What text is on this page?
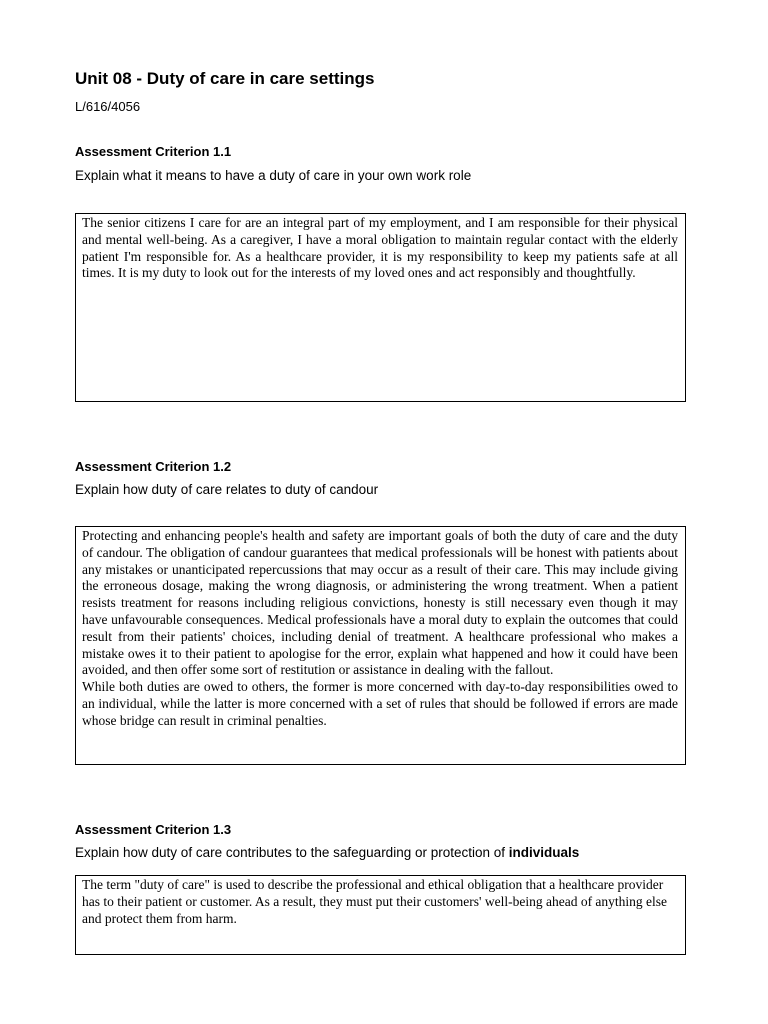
Unit 08 - Duty of care in care settings
L/616/4056
Assessment Criterion 1.1
Explain what it means to have a duty of care in your own work role

The senior citizens I care for are an integral part of my employment, and I am responsible for their physical and mental well-being. As a caregiver, I have a moral obligation to maintain regular contact with the elderly patient I'm responsible for. As a healthcare provider, it is my responsibility to keep my patients safe at all times. It is my duty to look out for the interests of my loved ones and act responsibly and thoughtfully.

Assessment Criterion 1.2
Explain how duty of care relates to duty of candour

Protecting and enhancing people's health and safety are important goals of both the duty of care and the duty of candour. The obligation of candour guarantees that medical professionals will be honest with patients about any mistakes or unanticipated repercussions that may occur as a result of their care. This may include giving the erroneous dosage, making the wrong diagnosis, or administering the wrong treatment. When a patient resists treatment for reasons including religious convictions, honesty is still necessary even though it may have unfavourable consequences. Medical professionals have a moral duty to explain the outcomes that could result from their patients' choices, including denial of treatment. A healthcare professional who makes a mistake owes it to their patient to apologise for the error, explain what happened and how it could have been avoided, and then offer some sort of restitution or assistance in dealing with the fallout.

While both duties are owed to others, the former is more concerned with day-to-day responsibilities owed to an individual, while the latter is more concerned with a set of rules that should be followed if errors are made whose bridge can result in criminal penalties.

Assessment Criterion 1.3
Explain how duty of care contributes to the safeguarding or protection of individuals

The term "duty of care" is used to describe the professional and ethical obligation that a healthcare provider has to their patient or customer. As a result, they must put their customers' well-being ahead of anything else and protect them from harm.
